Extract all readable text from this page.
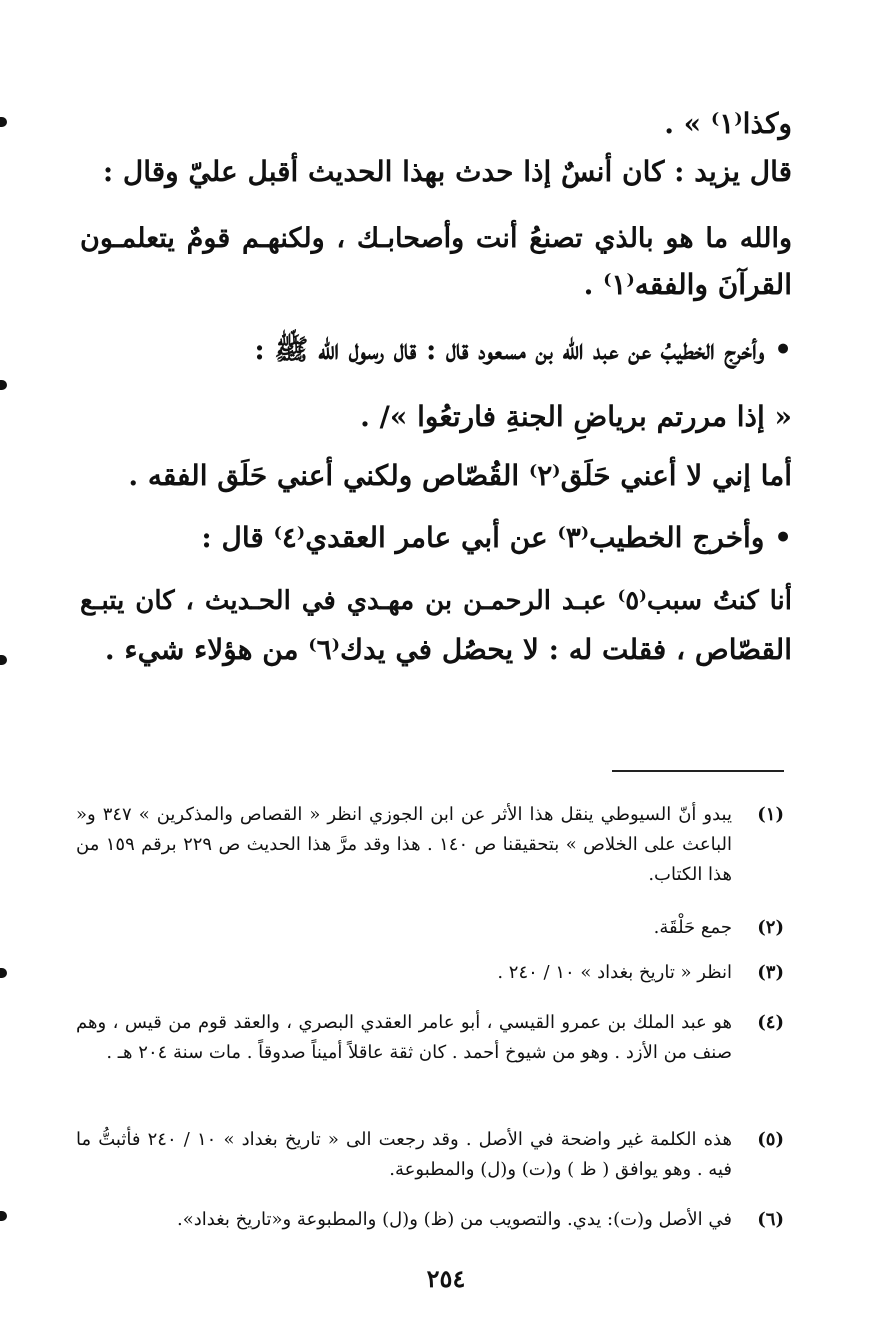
وكذا⁽١⁾ » .
قال يزيد : كان أنسٌ إذا حدث بهذا الحديث أقبل عليّ وقال :
والله ما هو بالذي تصنعُ أنت وأصحابـك ، ولكنهـم قومٌ يتعلمـون
القرآنَ والفقه⁽١⁾ .
• وأخرج الخطيبُ عن عبد الله بن مسعود قال : قال رسول الله ﷺ :
« إذا مررتم برياضِ الجنةِ فارتعُوا »/ .
أما إني لا أعني حَلَق⁽٢⁾ القُصّاص ولكني أعني حَلَق الفقه .
• وأخرج الخطيب⁽٣⁾ عن أبي عامر العقدي⁽٤⁾ قال :
أنا كنتُ سبب⁽٥⁾ عبـد الرحمـن بن مهـدي في الحـديث ، كان يتبـع
القصّاص ، فقلت له : لا يحصُل في يدك⁽٦⁾ من هؤلاء شيء .
(١)
يبدو أنّ السيوطي ينقل هذا الأثر عن ابن الجوزي انظر « القصاص والمذكرين » ٣٤٧ و« الباعث على الخلاص » بتحقيقنا ص ١٤٠ . هذا وقد مرَّ هذا الحديث ص ٢٢٩ برقم ١٥٩ من هذا الكتاب.
(٢)
جمع حَلْقَة.
(٣)
انظر « تاريخ بغداد » ١٠ / ٢٤٠ .
(٤)
هو عبد الملك بن عمرو القيسي ، أبو عامر العقدي البصري ، والعقد قوم من قيس ، وهم صنف من الأزد . وهو من شيوخ أحمد . كان ثقة عاقلاً أميناً صدوقاً . مات سنة ٢٠٤ هـ .
(٥)
هذه الكلمة غير واضحة في الأصل . وقد رجعت الى « تاريخ بغداد » ١٠ / ٢٤٠ فأثبتُّ ما فيه . وهو يوافق ( ظ ) و(ت) و(ل) والمطبوعة.
(٦)
في الأصل و(ت): يدي. والتصويب من (ظ) و(ل) والمطبوعة و«تاريخ بغداد».
٢٥٤
